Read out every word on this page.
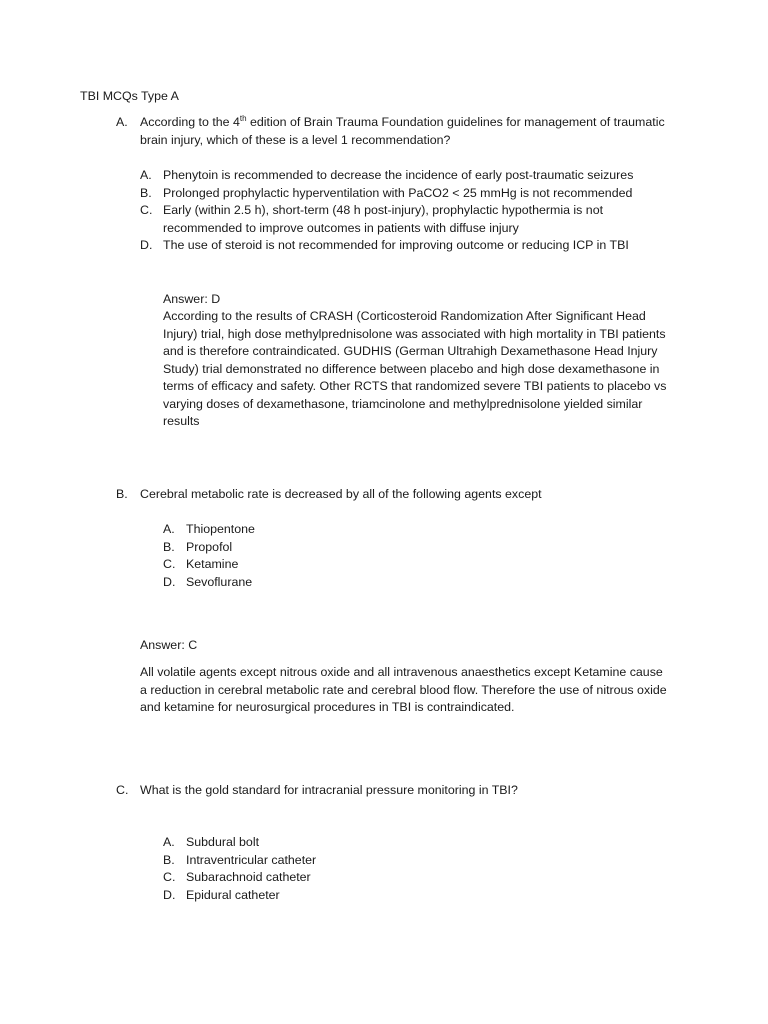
TBI MCQs Type A
A. According to the 4th edition of Brain Trauma Foundation guidelines for management of traumatic brain injury, which of these is a level 1 recommendation?
A. Phenytoin is recommended to decrease the incidence of early post-traumatic seizures
B. Prolonged prophylactic hyperventilation with PaCO2 < 25 mmHg is not recommended
C. Early (within 2.5 h), short-term (48 h post-injury), prophylactic hypothermia is not recommended to improve outcomes in patients with diffuse injury
D. The use of steroid is not recommended for improving outcome or reducing ICP in TBI
Answer: D
According to the results of CRASH (Corticosteroid Randomization After Significant Head Injury) trial, high dose methylprednisolone was associated with high mortality in TBI patients and is therefore contraindicated. GUDHIS (German Ultrahigh Dexamethasone Head Injury Study) trial demonstrated no difference between placebo and high dose dexamethasone in terms of efficacy and safety. Other RCTS that randomized severe TBI patients to placebo vs varying doses of dexamethasone, triamcinolone and methylprednisolone yielded similar results
B. Cerebral metabolic rate is decreased by all of the following agents except
A. Thiopentone
B. Propofol
C. Ketamine
D. Sevoflurane
Answer: C
All volatile agents except nitrous oxide and all intravenous anaesthetics except Ketamine cause a reduction in cerebral metabolic rate and cerebral blood flow. Therefore the use of nitrous oxide and ketamine for neurosurgical procedures in TBI is contraindicated.
C. What is the gold standard for intracranial pressure monitoring in TBI?
A. Subdural bolt
B. Intraventricular catheter
C. Subarachnoid catheter
D. Epidural catheter
